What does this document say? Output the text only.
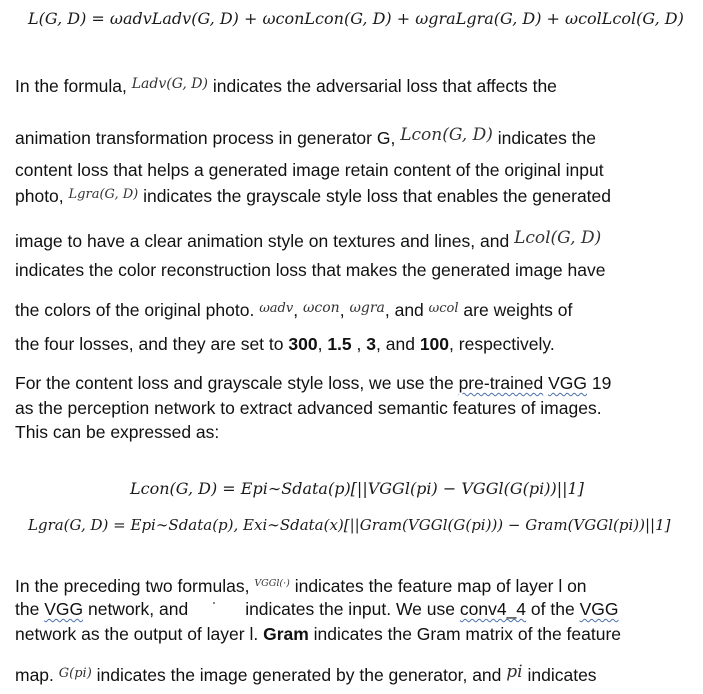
L(G, D) = ωadvLadv(G, D) + ωconLcon(G, D) + ωgraLgra(G, D) + ωcolLcol(G, D)
In the formula, Ladv(G, D) indicates the adversarial loss that affects the
animation transformation process in generator G, Lcon(G, D) indicates the
content loss that helps a generated image retain content of the original input
photo, Lgra(G, D) indicates the grayscale style loss that enables the generated
image to have a clear animation style on textures and lines, and Lcol(G, D)
indicates the color reconstruction loss that makes the generated image have
the colors of the original photo. ωadv, ωcon, ωgra, and ωcol are weights of
the four losses, and they are set to 300, 1.5 , 3, and 100, respectively.
For the content loss and grayscale style loss, we use the pre-trained VGG 19
as the perception network to extract advanced semantic features of images.
This can be expressed as:
Lcon(G, D) = Epi∼Sdata(p)[||VGGl(pi) − VGGl(G(pi))||1]
Lgra(G, D) = Epi∼Sdata(p), Exi∼Sdata(x)[||Gram(VGGl(G(pi))) − Gram(VGGl(pi))||1]
In the preceding two formulas, VGGl(·) indicates the feature map of layer l on
the VGG network, and	indicates the input. We use conv4_4 of the VGG
network as the output of layer l. Gram indicates the Gram matrix of the feature
map. G(pi) indicates the image generated by the generator, and pi indicates
